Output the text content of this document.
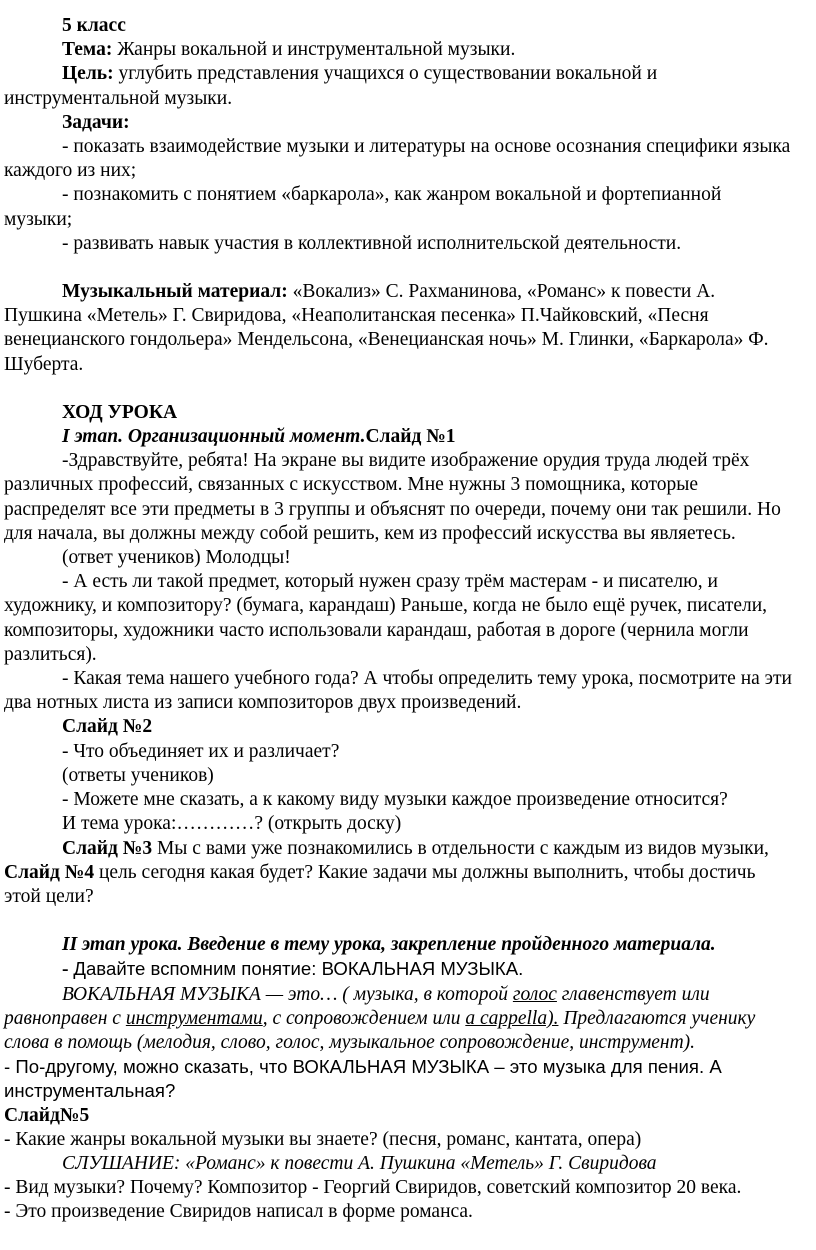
5 класс

Тема: Жанры вокальной и инструментальной музыки.

Цель: углубить представления учащихся о существовании вокальной и инструментальной музыки.

Задачи:

- показать взаимодействие музыки и литературы на основе осознания специфики языка каждого из них;

- познакомить с понятием «баркарола», как жанром вокальной и фортепианной музыки;

- развивать навык участия в коллективной исполнительской деятельности.

Музыкальный материал: «Вокализ» С. Рахманинова, «Романс» к повести А. Пушкина «Метель» Г. Свиридова, «Неаполитанская песенка» П.Чайковский, «Песня венецианского гондольера» Мендельсона, «Венецианская ночь» М. Глинки, «Баркарола» Ф. Шуберта.

ХОД УРОКА

I этап. Организационный момент.Слайд №1

-Здравствуйте, ребята! На экране вы видите изображение орудия труда людей трёх различных профессий, связанных с искусством. Мне нужны 3 помощника, которые распределят все эти предметы в 3 группы и объяснят по очереди, почему они так решили. Но для начала, вы должны между собой решить, кем из профессий искусства вы являетесь.

(ответ учеников) Молодцы!

- А есть ли такой предмет, который нужен сразу трём мастерам - и писателю, и художнику, и композитору? (бумага, карандаш) Раньше, когда не было ещё ручек, писатели, композиторы, художники часто использовали карандаш, работая в дороге (чернила могли разлиться).

- Какая тема нашего учебного года? А чтобы определить тему урока, посмотрите на эти два нотных листа из записи композиторов двух произведений.

Слайд №2

- Что объединяет их и различает?

(ответы учеников)

- Можете мне сказать, а к какому виду музыки каждое произведение относится?

И тема урока:…………? (открыть доску)

Слайд №3 Мы с вами уже познакомились в отдельности с каждым из видов музыки, Слайд №4 цель сегодня какая будет? Какие задачи мы должны выполнить, чтобы достичь этой цели?

II этап урока. Введение в тему урока, закрепление пройденного материала.

- Давайте вспомним понятие: ВОКАЛЬНАЯ МУЗЫКА.

ВОКАЛЬНАЯ МУЗЫКА — это… ( музыка, в которой голос главенствует или равноправен с инструментами, с сопровождением или a cappella). Предлагаются ученику слова в помощь (мелодия, слово, голос, музыкальное сопровождение, инструмент).

- По-другому, можно сказать, что ВОКАЛЬНАЯ МУЗЫКА – это музыка для пения. А инструментальная?

Слайд№5

- Какие жанры вокальной музыки вы знаете? (песня, романс, кантата, опера)

СЛУШАНИЕ: «Романс» к повести А. Пушкина «Метель» Г. Свиридова

- Вид музыки? Почему? Композитор - Георгий Свиридов, советский композитор 20 века.

- Это произведение Свиридов написал в форме романса.
